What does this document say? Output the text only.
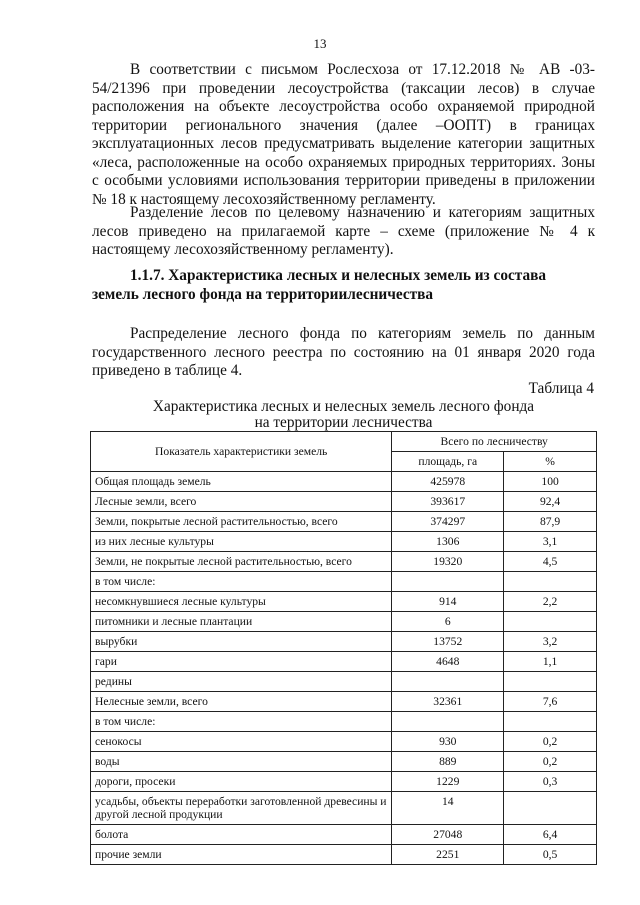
13

В соответствии с письмом Рослесхоза от 17.12.2018 № АВ -03-54/21396 при проведении лесоустройства (таксации лесов) в случае расположения на объекте лесоустройства особо охраняемой природной территории регионального значения (далее –ООПТ) в границах эксплуатационных лесов предусматривать выделение категории защитных «леса, расположенные на особо охраняемых природных территориях. Зоны с особыми условиями использования территории приведены в приложении № 18 к настоящему лесохозяйственному регламенту.

Разделение лесов по целевому назначению и категориям защитных лесов приведено на прилагаемой карте – схеме (приложение № 4 к настоящему лесохозяйственному регламенту).

1.1.7. Характеристика лесных и нелесных земель из состава земель лесного фонда на территориилесничества

Распределение лесного фонда по категориям земель по данным государственного лесного реестра по состоянию на 01 января 2020 года приведено в таблице 4.

Таблица 4
Характеристика лесных и нелесных земель лесного фонда
на территории лесничества
Показатель характеристики земель	Всего по лесничеству	
	площадь, га	%
Общая площадь земель	425978	100
Лесные земли, всего	393617	92,4
Земли, покрытые лесной растительностью, всего	374297	87,9
из них лесные культуры	1306	3,1
Земли, не покрытые лесной растительностью, всего	19320	4,5
в том числе:		
несомкнувшиеся лесные культуры	914	2,2
питомники и лесные плантации	6	
вырубки	13752	3,2
гари	4648	1,1
редины		
Нелесные земли, всего	32361	7,6
в том числе:		
сенокосы	930	0,2
воды	889	0,2
дороги, просеки	1229	0,3
усадьбы, объекты переработки заготовленной древесины и другой лесной продукции	14	
болота	27048	6,4
прочие земли	2251	0,5
